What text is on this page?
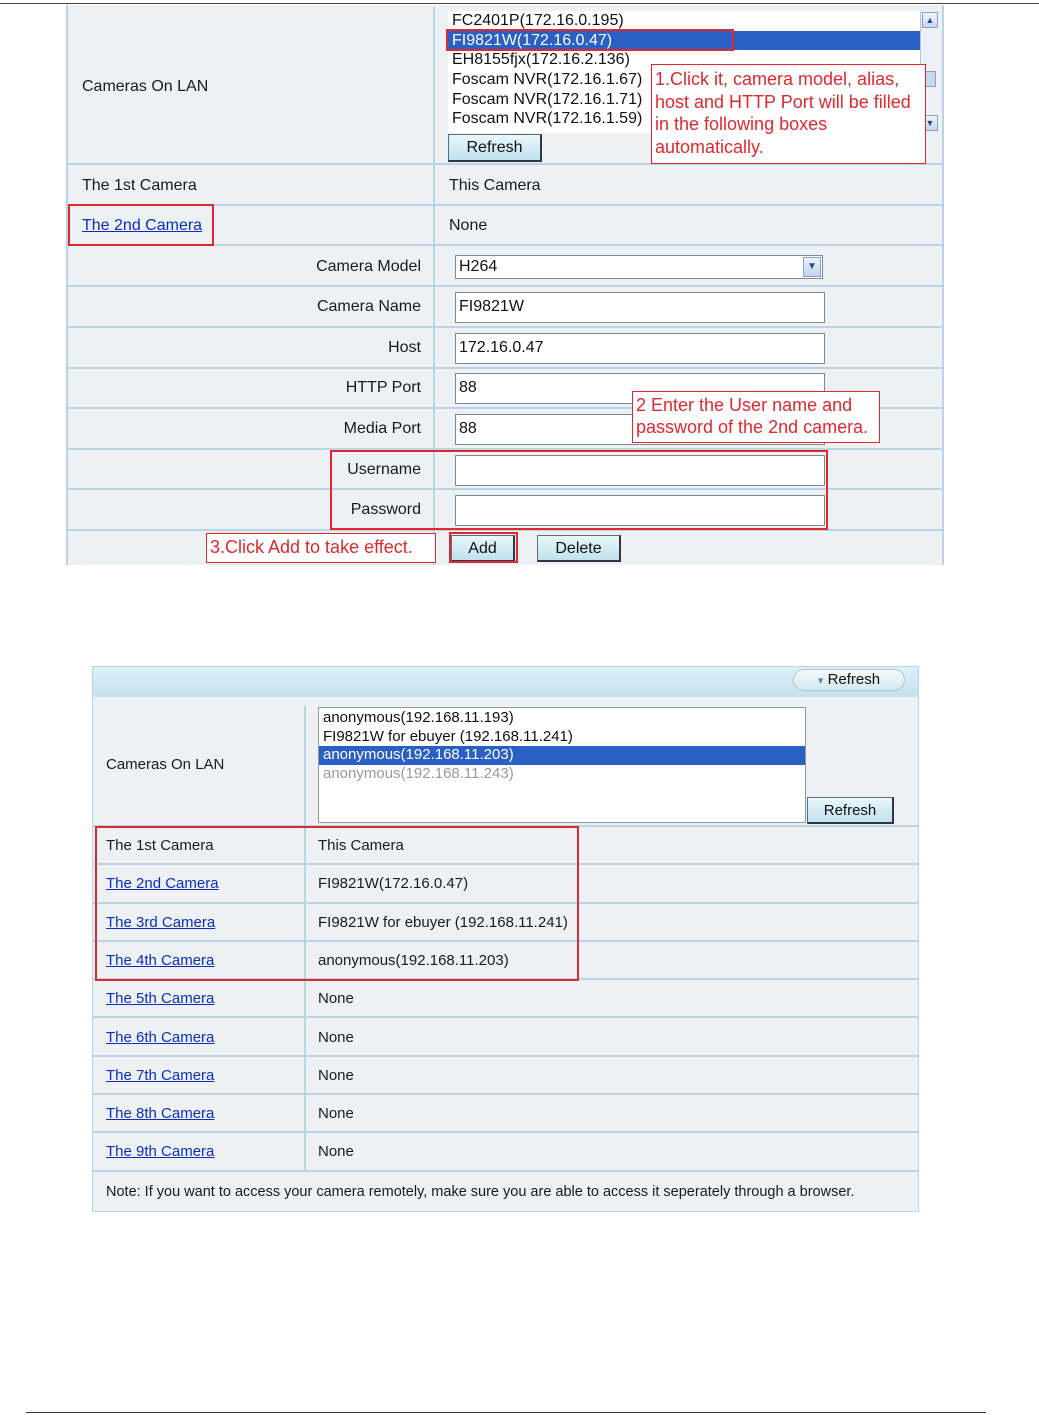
Cameras On LAN
FC2401P(172.16.0.195)
FI9821W(172.16.0.47)
EH8155fjx(172.16.2.136)
Foscam NVR(172.16.1.67)
Foscam NVR(172.16.1.71)
Foscam NVR(172.16.1.59)
▲
▼
Refresh
The 1st Camera	This Camera
The 2nd Camera	None
Camera Model H264	▼
Camera Name FI9821W
Host 172.16.0.47
HTTP Port 88
Media Port 88
Username
Password
Add	Delete
1.Click it, camera model, alias, host and HTTP Port will be filled in the following boxes automatically.
2 Enter the User name and password of the 2nd camera.
3.Click Add to take effect.
▾ Refresh
The 1st Camera	This Camera
The 2nd Camera	FI9821W(172.16.0.47)
The 3rd Camera	FI9821W for ebuyer (192.168.11.241)
The 4th Camera	anonymous(192.168.11.203)
The 5th Camera	None
The 6th Camera	None
The 7th Camera	None
The 8th Camera	None
The 9th Camera	None
Cameras On LAN
anonymous(192.168.11.193)
FI9821W for ebuyer (192.168.11.241)
anonymous(192.168.11.203)
anonymous(192.168.11.243)
Refresh
Note: If you want to access your camera remotely, make sure you are able to access it seperately through a browser.
